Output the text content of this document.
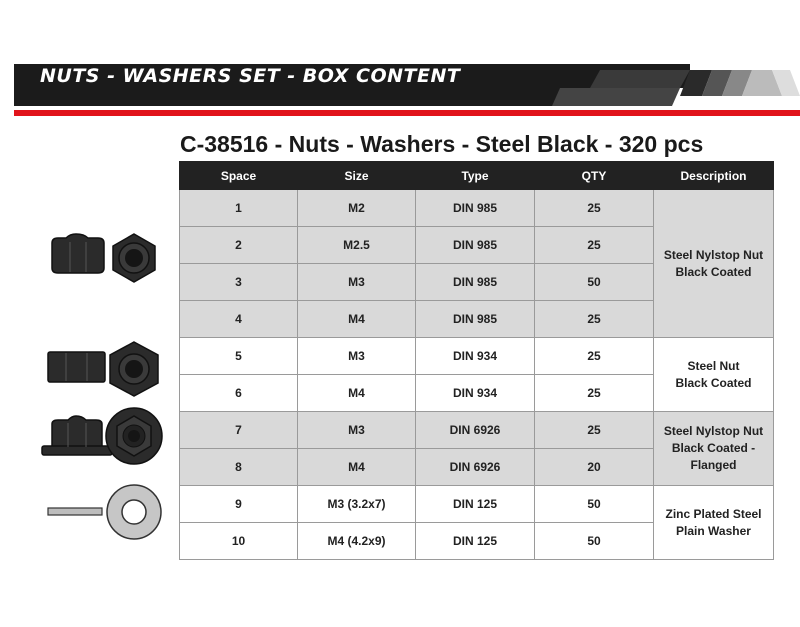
NUTS - WASHERS SET - BOX CONTENT
C-38516 - Nuts - Washers - Steel Black - 320 pcs
Space	Size	Type	QTY	Description
1	M2	DIN 985	25	Steel Nylstop Nut
Black Coated
2	M2.5	DIN 985	25	
3	M3	DIN 985	50	
4	M4	DIN 985	25	
5	M3	DIN 934	25	Steel Nut
Black Coated
6	M4	DIN 934	25	
7	M3	DIN 6926	25	Steel Nylstop Nut
Black Coated -
Flanged
8	M4	DIN 6926	20	
9	M3 (3.2x7)	DIN 125	50	Zinc Plated Steel
Plain Washer
10	M4 (4.2x9)	DIN 125	50	
